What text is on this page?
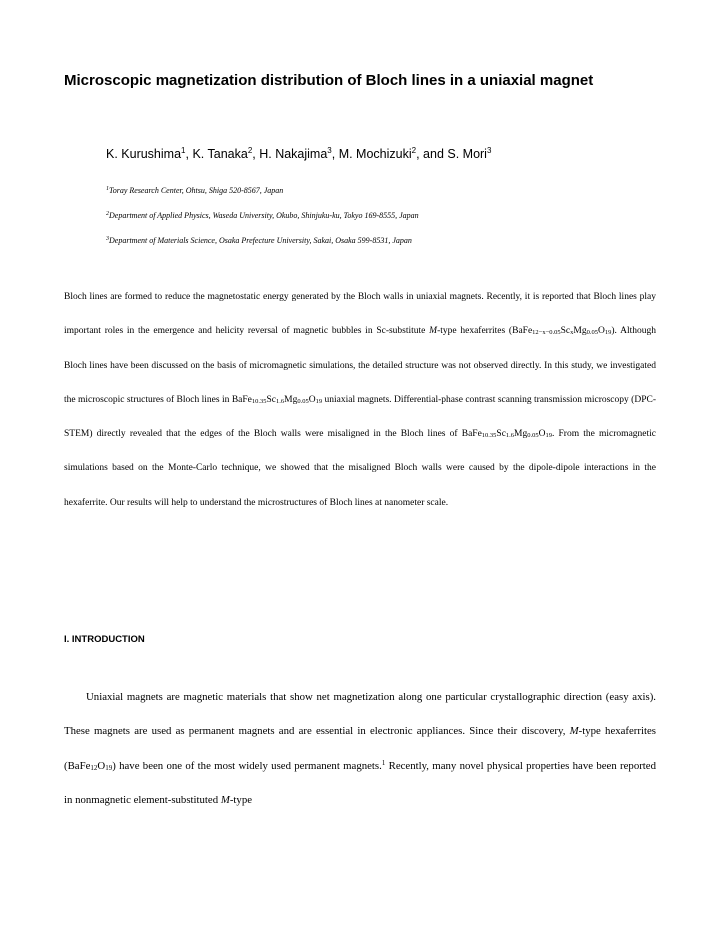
Microscopic magnetization distribution of Bloch lines in a uniaxial magnet
K. Kurushima$^1$, K. Tanaka$^2$, H. Nakajima$^3$, M. Mochizuki$^2$, and S. Mori$^3$
$^1$Toray Research Center, Ohtsu, Shiga 520-8567, Japan
$^2$Department of Applied Physics, Waseda University, Okubo, Shinjuku-ku, Tokyo 169-8555, Japan
$^3$Department of Materials Science, Osaka Prefecture University, Sakai, Osaka 599-8531, Japan

Bloch lines are formed to reduce the magnetostatic energy generated by the Bloch walls in uniaxial magnets. Recently, it is reported that Bloch lines play important roles in the emergence and helicity reversal of magnetic bubbles in Sc-substitute M-type hexaferrites $(BaFe_{12-x-0.05}Sc_xMg_{0.05}O_{19})$. Although Bloch lines have been discussed on the basis of micromagnetic simulations, the detailed structure was not observed directly. In this study, we investigated the microscopic structures of Bloch lines in $BaFe_{10.35}Sc_{1.6}Mg_{0.05}O_{19}$ uniaxial magnets. Differential-phase contrast scanning transmission microscopy (DPC-STEM) directly revealed that the edges of the Bloch walls were misaligned in the Bloch lines of $BaFe_{10.35}Sc_{1.6}Mg_{0.05}O_{19}$. From the micromagnetic simulations based on the Monte-Carlo technique, we showed that the misaligned Bloch walls were caused by the dipole-dipole interactions in the hexaferrite. Our results will help to understand the microstructures of Bloch lines at nanometer scale.

I. INTRODUCTION

Uniaxial magnets are magnetic materials that show net magnetization along one particular crystallographic direction (easy axis). These magnets are used as permanent magnets and are essential in electronic appliances. Since their discovery, M-type hexaferrites $(BaFe_{12}O_{19})$ have been one of the most widely used permanent magnets.$^1$ Recently, many novel physical properties have been reported in nonmagnetic element-substituted M-type
